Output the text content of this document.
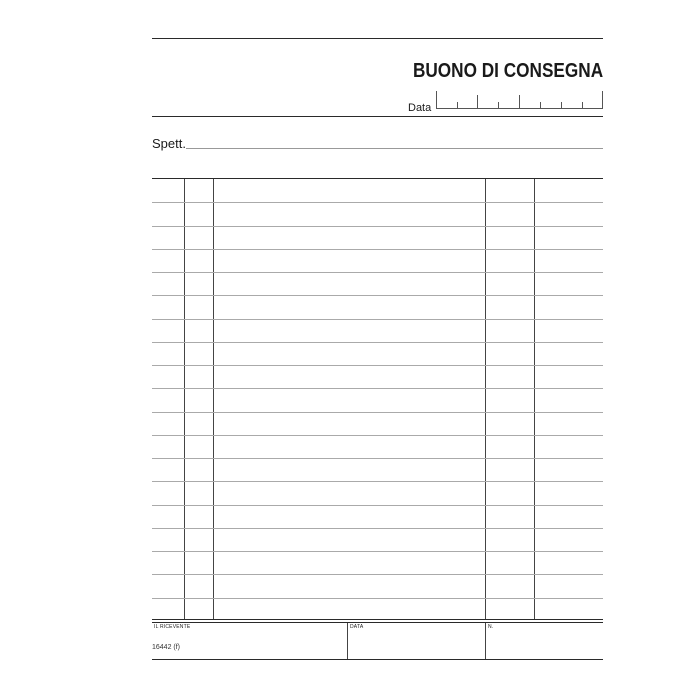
BUONO DI CONSEGNA
Data
Spett.
IL RICEVENTE	DATA	N.
16442 (f)
